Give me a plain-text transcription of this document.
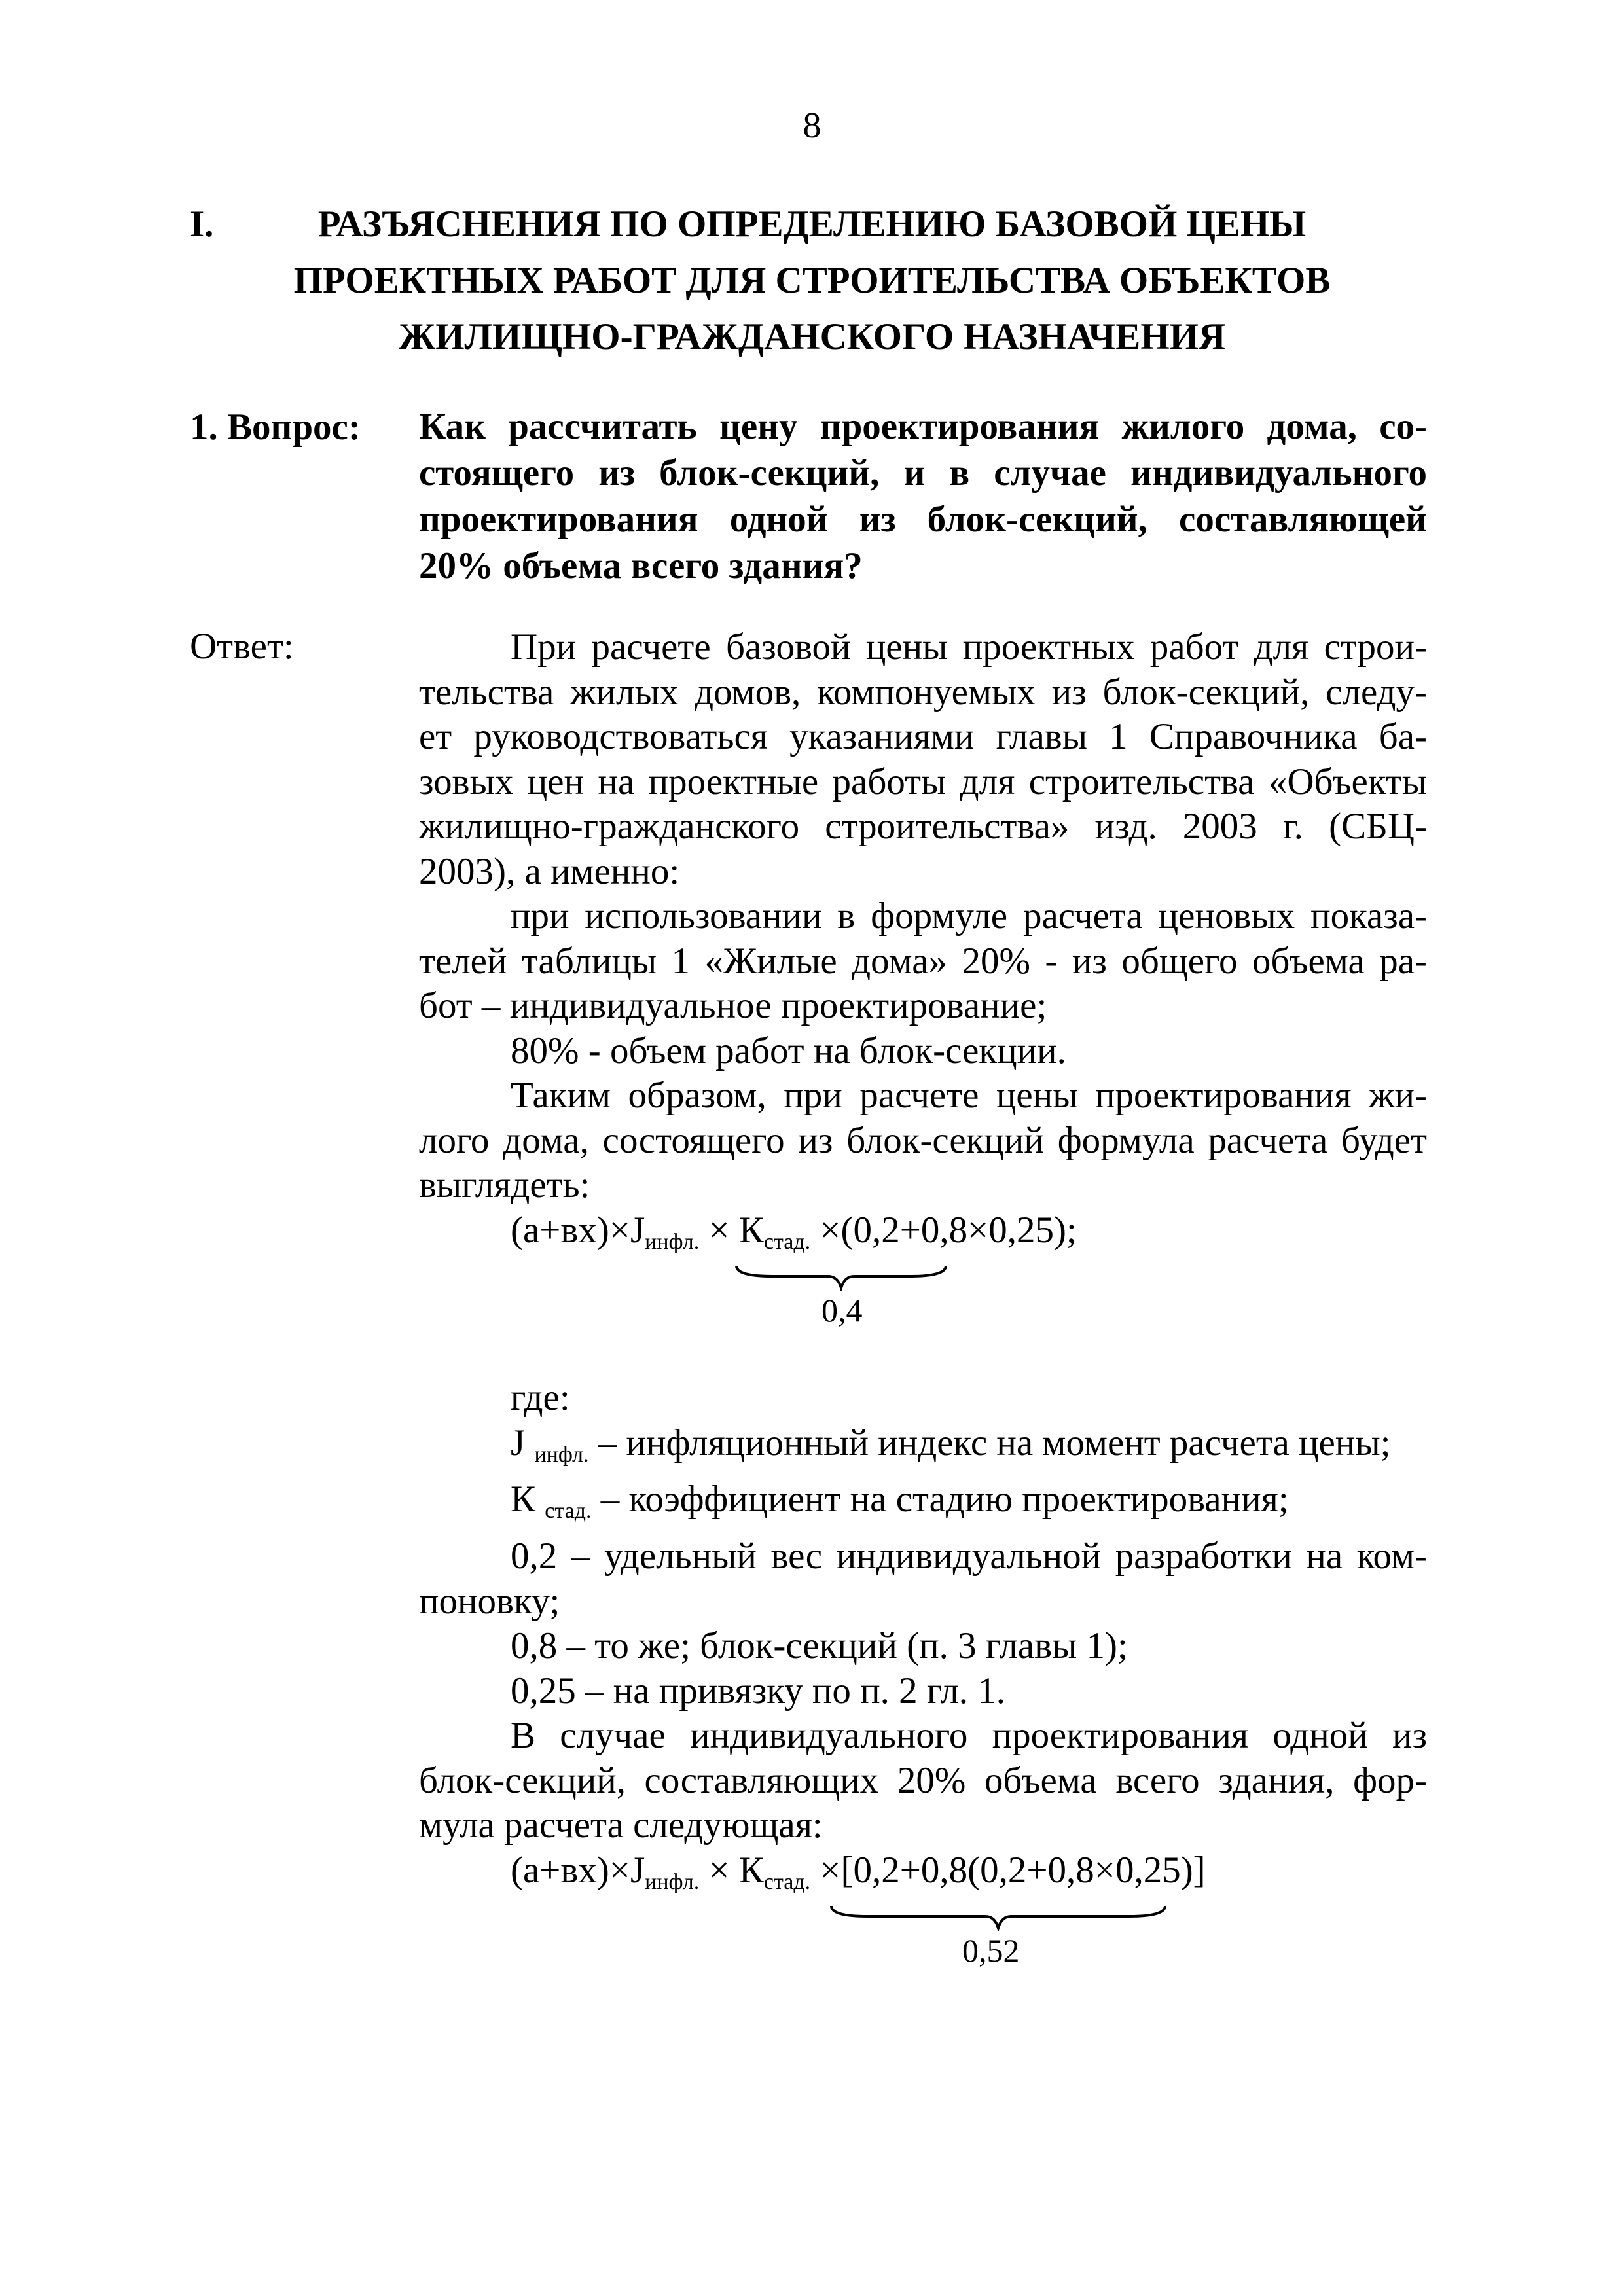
8
I.	РАЗЪЯСНЕНИЯ ПО ОПРЕДЕЛЕНИЮ БАЗОВОЙ ЦЕНЫ
ПРОЕКТНЫХ РАБОТ ДЛЯ СТРОИТЕЛЬСТВА ОБЪЕКТОВ
ЖИЛИЩНО-ГРАЖДАНСКОГО НАЗНАЧЕНИЯ
1. Вопрос: Как рассчитать цену проектирования жилого дома, со-
стоящего из блок-секций, и в случае индивидуального
проектирования одной из блок-секций, составляющей
20% объема всего здания?
Ответ:	При расчете базовой цены проектных работ для строи-
тельства жилых домов, компонуемых из блок-секций, следу-
ет руководствоваться указаниями главы 1 Справочника ба-
зовых цен на проектные работы для строительства «Объекты
жилищно-гражданского строительства» изд. 2003 г. (СБЦ-
2003), а именно:
при использовании в формуле расчета ценовых показа-
телей таблицы 1 «Жилые дома» 20% - из общего объема ра-
бот – индивидуальное проектирование;
80% - объем работ на блок-секции.
Таким образом, при расчете цены проектирования жи-
лого дома, состоящего из блок-секций формула расчета будет
выглядеть:
$(а+вх)\times J_{инфл.} \times К_{стад.} \times(0,2+0,8\times 0,25)$;
0,4
где:
J $_{инфл.}$ – инфляционный индекс на момент расчета цены;
К $_{стад.}$ – коэффициент на стадию проектирования;
0,2 – удельный вес индивидуальной разработки на ком-
поновку;
0,8 – то же; блок-секций (п. 3 главы 1);
0,25 – на привязку по п. 2 гл. 1.
В случае индивидуального проектирования одной из
блок-секций, составляющих 20% объема всего здания, фор-
мула расчета следующая:
$(а+вх)\times J_{инфл.} \times К_{стад.} \times[0,2+0,8(0,2+0,8\times 0,25)]$
0,52
